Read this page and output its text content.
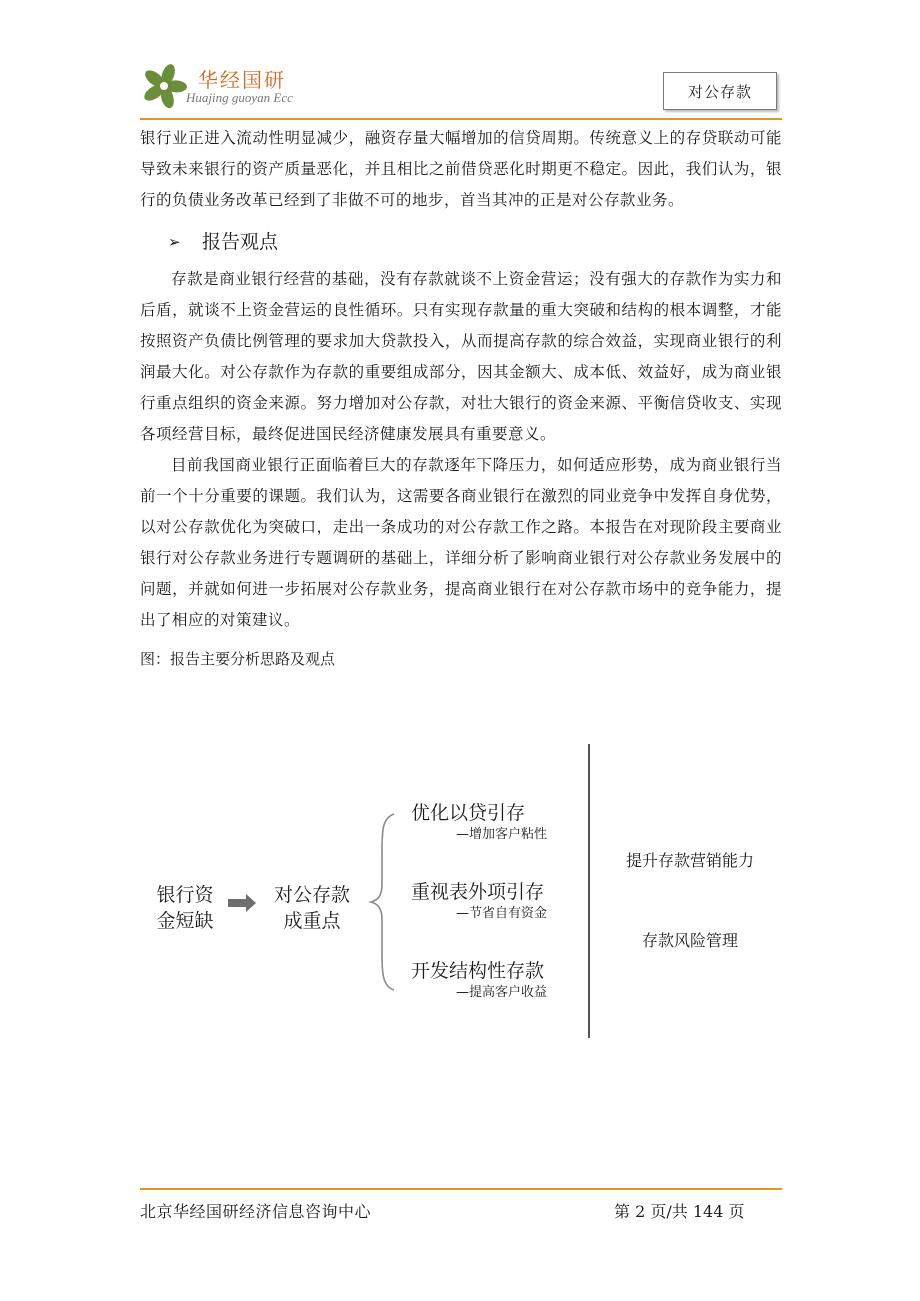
华经国研
Huajing guoyan Ecc	对公存款

银行业正进入流动性明显减少，融资存量大幅增加的信贷周期。传统意义上的存贷联动可能导致未来银行的资产质量恶化，并且相比之前借贷恶化时期更不稳定。因此，我们认为，银行的负债业务改革已经到了非做不可的地步，首当其冲的正是对公存款业务。

➢	报告观点

存款是商业银行经营的基础，没有存款就谈不上资金营运；没有强大的存款作为实力和后盾，就谈不上资金营运的良性循环。只有实现存款量的重大突破和结构的根本调整，才能按照资产负债比例管理的要求加大贷款投入，从而提高存款的综合效益，实现商业银行的利润最大化。对公存款作为存款的重要组成部分，因其金额大、成本低、效益好，成为商业银行重点组织的资金来源。努力增加对公存款，对壮大银行的资金来源、平衡信贷收支、实现各项经营目标，最终促进国民经济健康发展具有重要意义。

目前我国商业银行正面临着巨大的存款逐年下降压力，如何适应形势，成为商业银行当前一个十分重要的课题。我们认为，这需要各商业银行在激烈的同业竞争中发挥自身优势，以对公存款优化为突破口，走出一条成功的对公存款工作之路。本报告在对现阶段主要商业银行对公存款业务进行专题调研的基础上，详细分析了影响商业银行对公存款业务发展中的问题，并就如何进一步拓展对公存款业务，提高商业银行在对公存款市场中的竞争能力，提出了相应的对策建议。

图：报告主要分析思路及观点

银行资
金短缺
对公存款
成重点
优化以贷引存
—增加客户粘性
重视表外项引存
—节省自有资金
开发结构性存款
—提高客户收益
提升存款营销能力
存款风险管理
北京华经国研经济信息咨询中心	第 2 页/共 144 页
